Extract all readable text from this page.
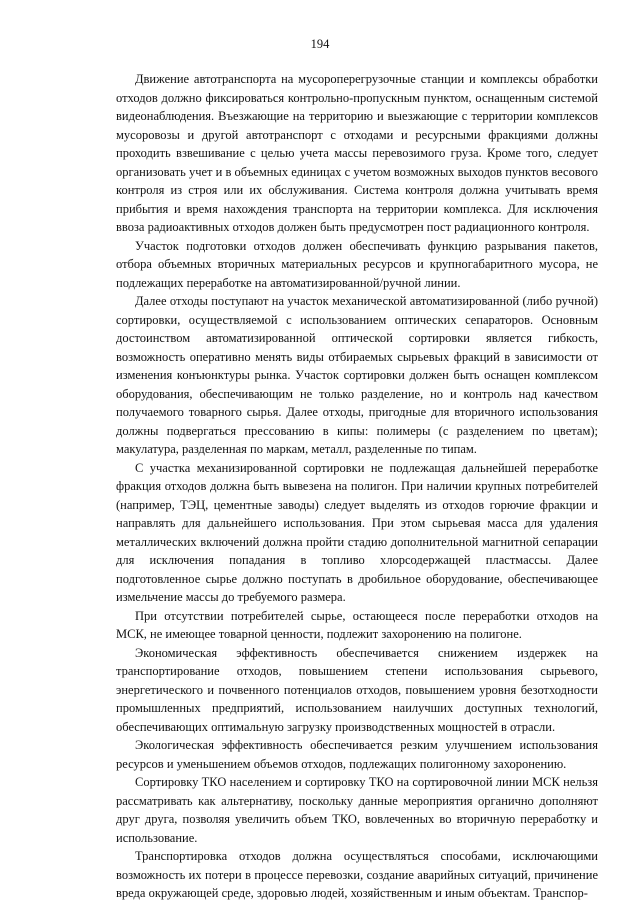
194

Движение автотранспорта на мусороперегрузочные станции и комплексы обработки отходов должно фиксироваться контрольно-пропускным пунктом, оснащенным системой видеонаблюдения. Въезжающие на территорию и выезжающие с территории комплексов мусоровозы и другой автотранспорт с отходами и ресурсными фракциями должны проходить взвешивание с целью учета массы перевозимого груза. Кроме того, следует организовать учет и в объемных единицах с учетом возможных выходов пунктов весового контроля из строя или их обслуживания. Система контроля должна учитывать время прибытия и время нахождения транспорта на территории комплекса. Для исключения ввоза радиоактивных отходов должен быть предусмотрен пост радиационного контроля.

Участок подготовки отходов должен обеспечивать функцию разрывания пакетов, отбора объемных вторичных материальных ресурсов и крупногабаритного мусора, не подлежащих переработке на автоматизированной/ручной линии.

Далее отходы поступают на участок механической автоматизированной (либо ручной) сортировки, осуществляемой с использованием оптических сепараторов. Основным достоинством автоматизированной оптической сортировки является гибкость, возможность оперативно менять виды отбираемых сырьевых фракций в зависимости от изменения конъюнктуры рынка. Участок сортировки должен быть оснащен комплексом оборудования, обеспечивающим не только разделение, но и контроль над качеством получаемого товарного сырья. Далее отходы, пригодные для вторичного использования должны подвергаться прессованию в кипы: полимеры (с разделением по цветам); макулатура, разделенная по маркам, металл, разделенные по типам.

С участка механизированной сортировки не подлежащая дальнейшей переработке фракция отходов должна быть вывезена на полигон. При наличии крупных потребителей (например, ТЭЦ, цементные заводы) следует выделять из отходов горючие фракции и направлять для дальнейшего использования. При этом сырьевая масса для удаления металлических включений должна пройти стадию дополнительной магнитной сепарации для исключения попадания в топливо хлорсодержащей пластмассы. Далее подготовленное сырье должно поступать в дробильное оборудование, обеспечивающее измельчение массы до требуемого размера.

При отсутствии потребителей сырье, остающееся после переработки отходов на МСК, не имеющее товарной ценности, подлежит захоронению на полигоне.

Экономическая эффективность обеспечивается снижением издержек на транспортирование отходов, повышением степени использования сырьевого, энергетического и почвенного потенциалов отходов, повышением уровня безотходности промышленных предприятий, использованием наилучших доступных технологий, обеспечивающих оптимальную загрузку производственных мощностей в отрасли.

Экологическая эффективность обеспечивается резким улучшением использования ресурсов и уменьшением объемов отходов, подлежащих полигонному захоронению.

Сортировку ТКО населением и сортировку ТКО на сортировочной линии МСК нельзя рассматривать как альтернативу, поскольку данные мероприятия органично дополняют друг друга, позволяя увеличить объем ТКО, вовлеченных во вторичную переработку и использование.

Транспортировка отходов должна осуществляться способами, исключающими возможность их потери в процессе перевозки, создание аварийных ситуаций, причинение вреда окружающей среде, здоровью людей, хозяйственным и иным объектам. Транспор-
